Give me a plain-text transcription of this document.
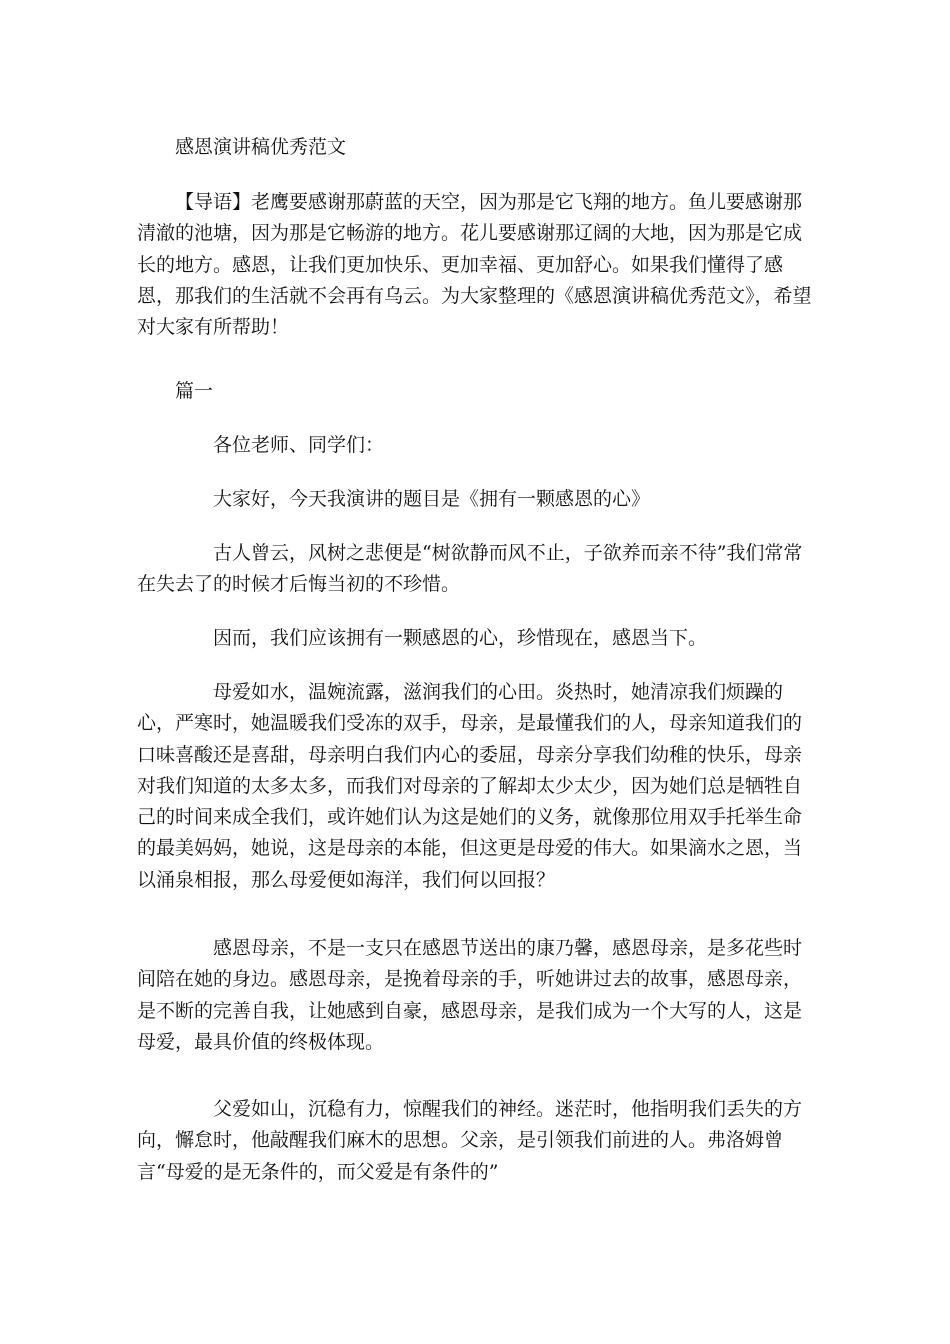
感恩演讲稿优秀范文

【导语】老鹰要感谢那蔚蓝的天空，因为那是它飞翔的地方。鱼儿要感谢那清澈的池塘，因为那是它畅游的地方。花儿要感谢那辽阔的大地，因为那是它成长的地方。感恩，让我们更加快乐、更加幸福、更加舒心。如果我们懂得了感恩，那我们的生活就不会再有乌云。为大家整理的《感恩演讲稿优秀范文》，希望对大家有所帮助！

篇一

各位老师、同学们：

大家好，今天我演讲的题目是《拥有一颗感恩的心》

古人曾云，风树之悲便是“树欲静而风不止，子欲养而亲不待”我们常常在失去了的时候才后悔当初的不珍惜。

因而，我们应该拥有一颗感恩的心，珍惜现在，感恩当下。

母爱如水，温婉流露，滋润我们的心田。炎热时，她清凉我们烦躁的心，严寒时，她温暖我们受冻的双手，母亲，是最懂我们的人，母亲知道我们的口味喜酸还是喜甜，母亲明白我们内心的委屈，母亲分享我们幼稚的快乐，母亲对我们知道的太多太多，而我们对母亲的了解却太少太少，因为她们总是牺牲自己的时间来成全我们，或许她们认为这是她们的义务，就像那位用双手托举生命的最美妈妈，她说，这是母亲的本能，但这更是母爱的伟大。如果滴水之恩，当以涌泉相报，那么母爱便如海洋，我们何以回报？

感恩母亲，不是一支只在感恩节送出的康乃馨，感恩母亲，是多花些时间陪在她的身边。感恩母亲，是挽着母亲的手，听她讲过去的故事，感恩母亲，是不断的完善自我，让她感到自豪，感恩母亲，是我们成为一个大写的人，这是母爱，最具价值的终极体现。

父爱如山，沉稳有力，惊醒我们的神经。迷茫时，他指明我们丢失的方向，懈怠时，他敲醒我们麻木的思想。父亲，是引领我们前进的人。弗洛姆曾言“母爱的是无条件的，而父爱是有条件的”
